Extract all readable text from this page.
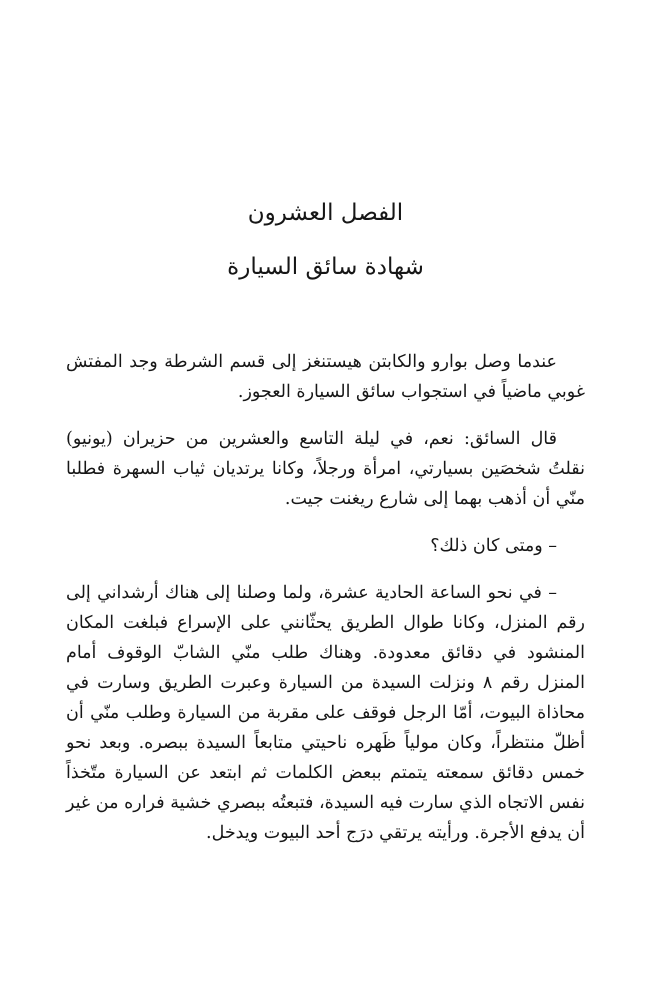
الفصل العشرون
شهادة سائق السيارة

عندما وصل بوارو والكابتن هيستنغز إلى قسم الشرطة وجد المفتش غوبي ماضياً في استجواب سائق السيارة العجوز.

قال السائق: نعم، في ليلة التاسع والعشرين من حزيران (يونيو) نقلتُ شخصَين بسيارتي، امرأة ورجلاً، وكانا يرتديان ثياب السهرة فطلبا منّي أن أذهب بهما إلى شارع ريغنت جيت.

– ومتى كان ذلك؟

– في نحو الساعة الحادية عشرة، ولما وصلنا إلى هناك أرشداني إلى رقم المنزل، وكانا طوال الطريق يحثّانني على الإسراع فبلغت المكان المنشود في دقائق معدودة. وهناك طلب منّي الشابّ الوقوف أمام المنزل رقم ٨ ونزلت السيدة من السيارة وعبرت الطريق وسارت في محاذاة البيوت، أمّا الرجل فوقف على مقربة من السيارة وطلب منّي أن أظلّ منتظراً، وكان مولياً ظَهره ناحيتي متابعاً السيدة ببصره. وبعد نحو خمس دقائق سمعته يتمتم ببعض الكلمات ثم ابتعد عن السيارة متّخذاً نفس الاتجاه الذي سارت فيه السيدة، فتبعتُه ببصري خشية فراره من غير أن يدفع الأجرة. ورأيته يرتقي درَج أحد البيوت ويدخل.
